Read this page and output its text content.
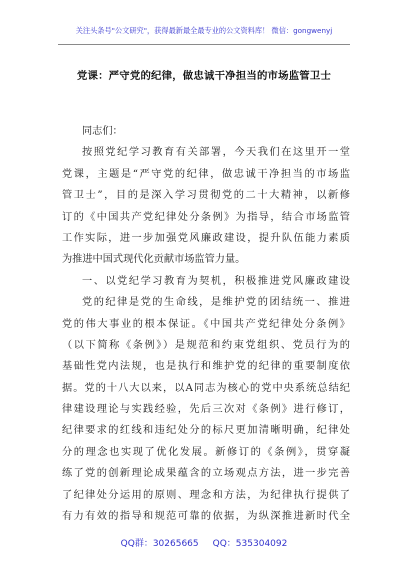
关注头条号"公文研究"，获得最新最全最专业的公文资料库！ 微信：gongwenyj
党课：严守党的纪律，做忠诚干净担当的市场监管卫士
同志们：
按照党纪学习教育有关部署，今天我们在这里开一堂
党课，主题是“严守党的纪律，做忠诚干净担当的市场监
管卫士”，目的是深入学习贯彻党的二十大精神，以新修
订的《中国共产党纪律处分条例》为指导，结合市场监管
工作实际，进一步加强党风廉政建设，提升队伍能力素质
为推进中国式现代化贡献市场监管力量。
一、以党纪学习教育为契机，积极推进党风廉政建设
党的纪律是党的生命线，是维护党的团结统一、推进
党的伟大事业的根本保证。《中国共产党纪律处分条例》
（以下简称《条例》）是规范和约束党组织、党员行为的
基础性党内法规，也是执行和维护党的纪律的重要制度依
据。党的十八大以来，以A同志为核心的党中央系统总结纪
律建设理论与实践经验，先后三次对《条例》进行修订，
纪律要求的红线和违纪处分的标尺更加清晰明确，纪律处
分的理念也实现了优化发展。新修订的《条例》，贯穿凝
练了党的创新理论成果蕴含的立场观点方法，进一步完善
了纪律处分运用的原则、理念和方法，为纪律执行提供了
有力有效的指导和规范可靠的依据，为纵深推进新时代全
QQ群：30265665 QQ：535304092
